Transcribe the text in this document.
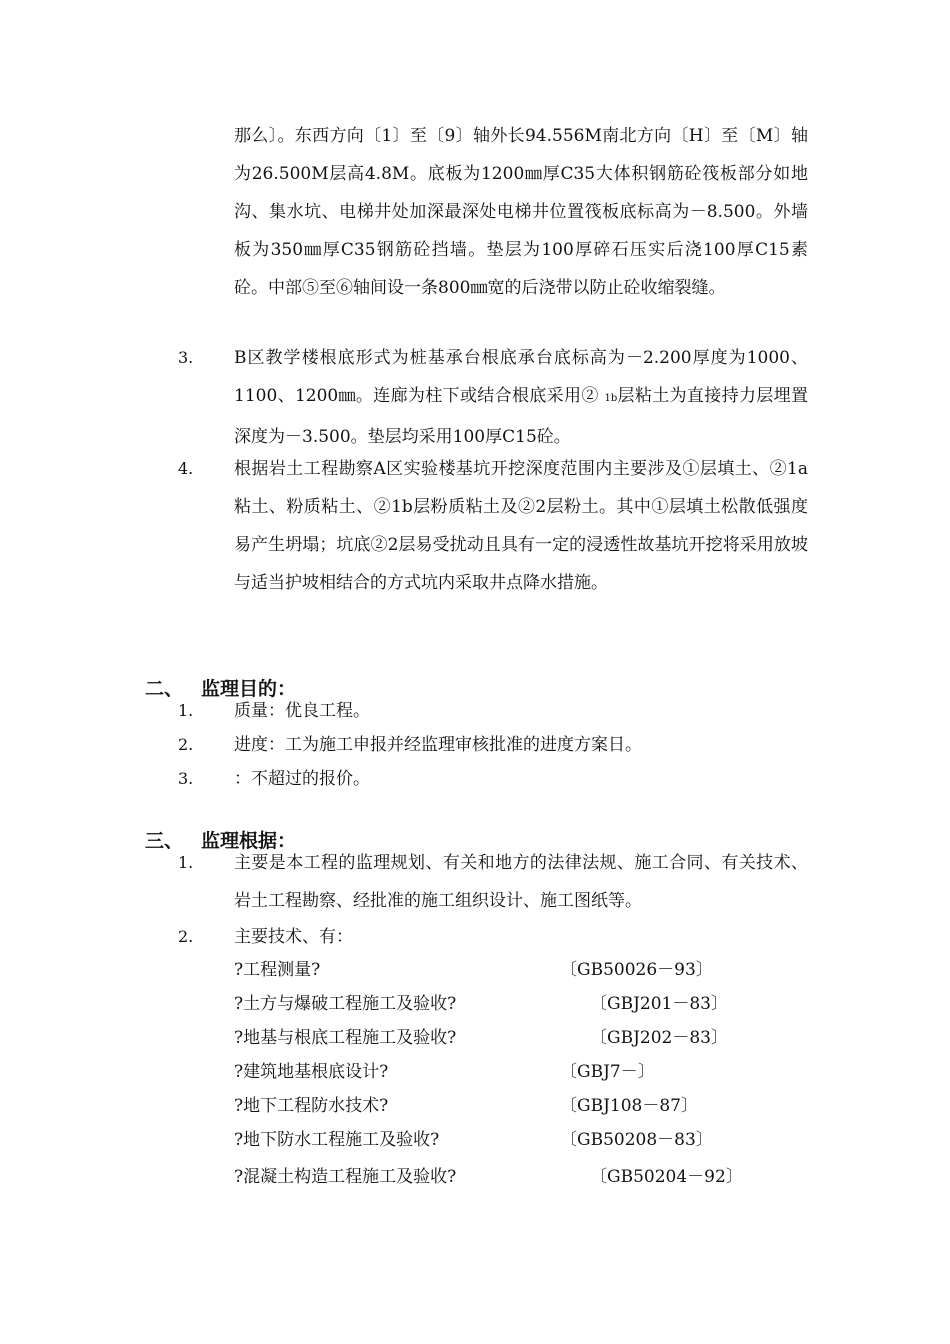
那么〕。东西方向〔1〕至〔9〕轴外长94.556M南北方向〔H〕至〔M〕轴为26.500M层高4.8M。底板为1200㎜厚C35大体积钢筋砼筏板部分如地沟、集水坑、电梯井处加深最深处电梯井位置筏板底标高为－8.500。外墙板为350㎜厚C35钢筋砼挡墙。垫层为100厚碎石压实后浇100厚C15素砼。中部⑤至⑥轴间设一条800㎜宽的后浇带以防止砼收缩裂缝。

3. B区教学楼根底形式为桩基承台根底承台底标高为－2.200厚度为1000、1100、1200㎜。连廊为柱下或结合根底采用② 1b层粘土为直接持力层埋置深度为－3.500。垫层均采用100厚C15砼。

4. 根据岩土工程勘察A区实验楼基坑开挖深度范围内主要涉及①层填土、②1a粘土、粉质粘土、②1b层粉质粘土及②2层粉土。其中①层填土松散低强度易产生坍塌；坑底②2层易受扰动且具有一定的浸透性故基坑开挖将采用放坡与适当护坡相结合的方式坑内采取井点降水措施。

二、 监理目的：
1. 质量：优良工程。
2. 进度：工为施工申报并经监理审核批准的进度方案日。
3. ：不超过的报价。
三、 监理根据：
1. 主要是本工程的监理规划、有关和地方的法律法规、施工合同、有关技术、岩土工程勘察、经批准的施工组织设计、施工图纸等。

2. 主要技术、有：
?工程测量?	〔GB50026－93〕
?土方与爆破工程施工及验收?	〔GBJ201－83〕
?地基与根底工程施工及验收?	〔GBJ202－83〕
?建筑地基根底设计?	〔GBJ7－〕
?地下工程防水技术?	〔GBJ108－87〕
?地下防水工程施工及验收?	〔GB50208－83〕
?混凝土构造工程施工及验收?	〔GB50204－92〕
